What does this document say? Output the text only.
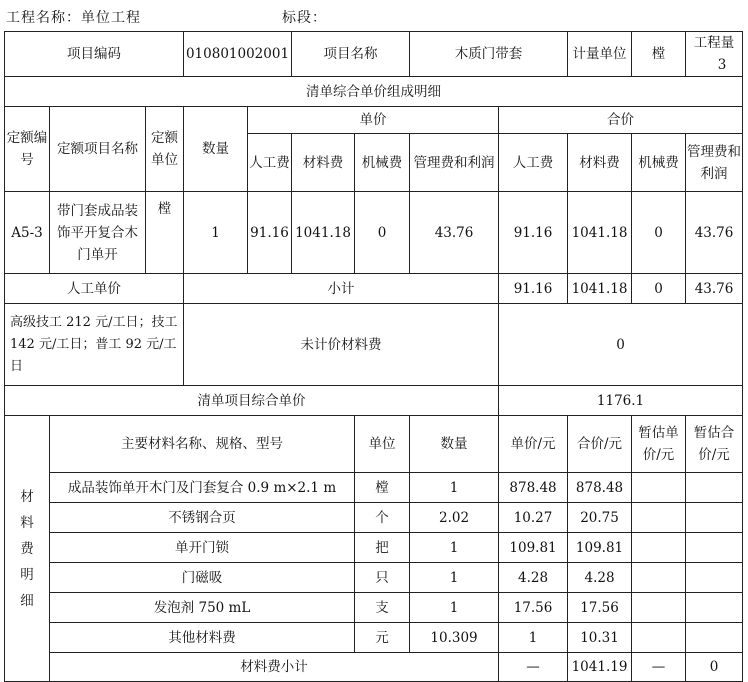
工程名称：单位工程	标段：
项目编码			010801002001		项目名称		木质门带套		计量单位	樘	工程量3
清单综合单价组成明细											
定额编号	定额项目名称	定额单位	数量	单价				合价			
				人工费	材料费	机械费	管理费和利润	人工费	材料费	机械费	管理费和利润
A5-3	带门套成品装饰平开复合木门单开	樘	1	91.16	1041.18	0	43.76	91.16	1041.18	0	43.76
人工单价			小计					91.16	1041.18	0	43.76
高级技工 212 元/工日；技工 142 元/工日；普工 92 元/工日			未计价材料费					0			
清单项目综合单价								1176.1			
材料费明细	主要材料名称、规格、型号					单位	数量	单价/元	合价/元	暂估单价/元	暂估合价/元
	成品装饰单开木门及门套复合 0.9 m×2.1 m					樘	1	878.48	878.48		
	不锈钢合页					个	2.02	10.27	20.75		
	单开门锁					把	1	109.81	109.81		
	门磁吸					只	1	4.28	4.28		
	发泡剂 750 mL					支	1	17.56	17.56		
	其他材料费					元	10.309	1	10.31		
	材料费小计							—	1041.19	—	0
